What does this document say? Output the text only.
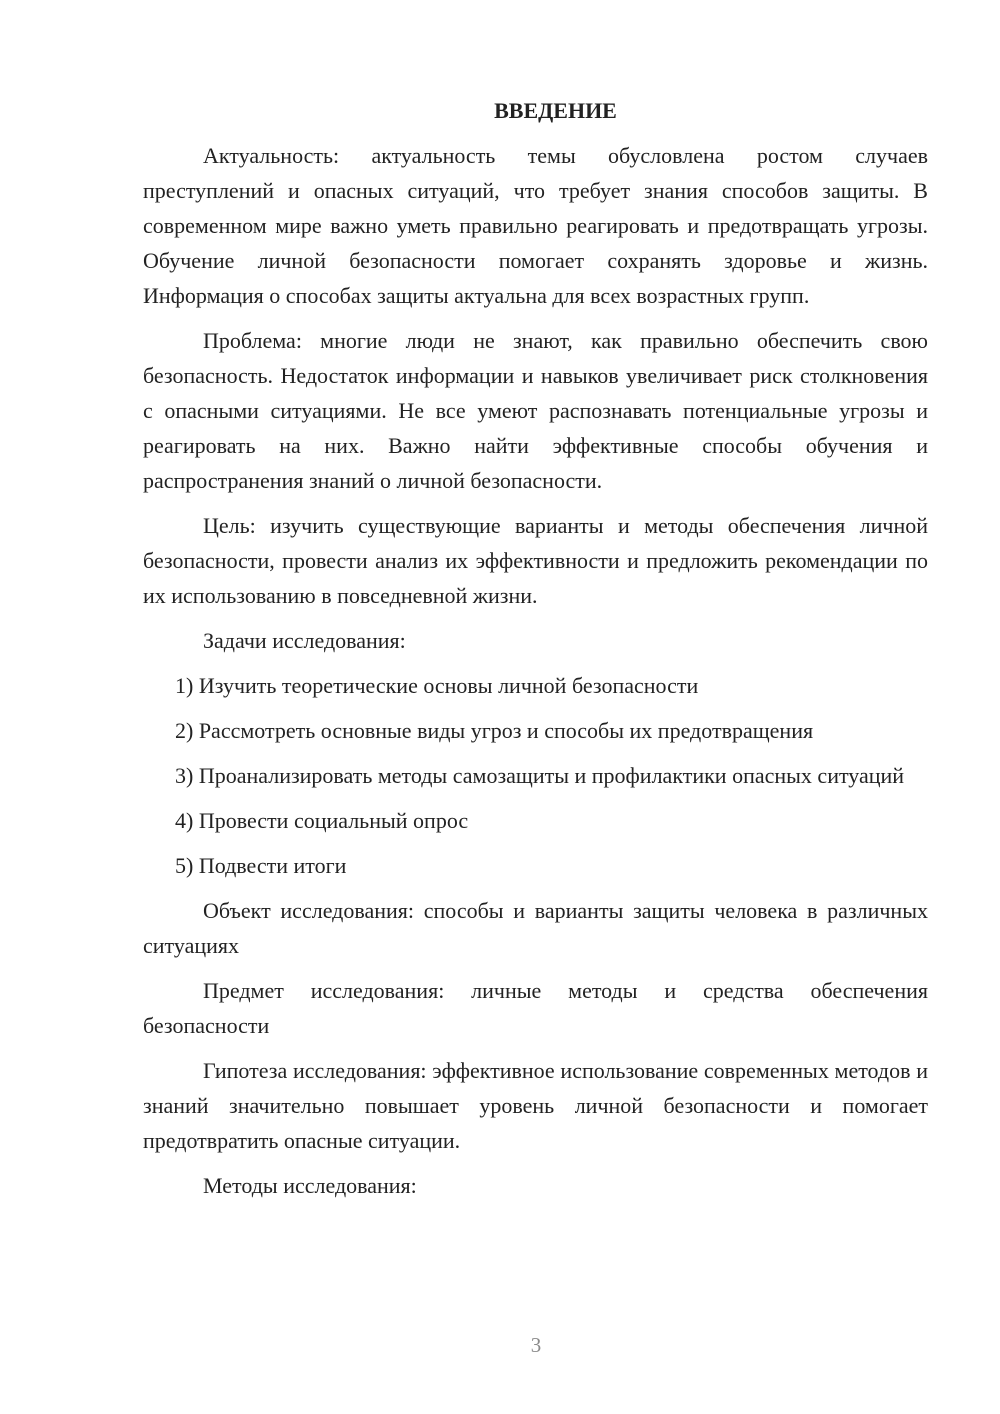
ВВЕДЕНИЕ

Актуальность: актуальность темы обусловлена ростом случаев преступлений и опасных ситуаций, что требует знания способов защиты. В современном мире важно уметь правильно реагировать и предотвращать угрозы. Обучение личной безопасности помогает сохранять здоровье и жизнь. Информация о способах защиты актуальна для всех возрастных групп.

Проблема: многие люди не знают, как правильно обеспечить свою безопасность. Недостаток информации и навыков увеличивает риск столкновения с опасными ситуациями. Не все умеют распознавать потенциальные угрозы и реагировать на них. Важно найти эффективные способы обучения и распространения знаний о личной безопасности.

Цель: изучить существующие варианты и методы обеспечения личной безопасности, провести анализ их эффективности и предложить рекомендации по их использованию в повседневной жизни.

Задачи исследования:

1) Изучить теоретические основы личной безопасности

2) Рассмотреть основные виды угроз и способы их предотвращения

3) Проанализировать методы самозащиты и профилактики опасных ситуаций

4) Провести социальный опрос

5) Подвести итоги

Объект исследования: способы и варианты защиты человека в различных ситуациях

Предмет исследования: личные методы и средства обеспечения безопасности

Гипотеза исследования: эффективное использование современных методов и знаний значительно повышает уровень личной безопасности и помогает предотвратить опасные ситуации.

Методы исследования:

3
